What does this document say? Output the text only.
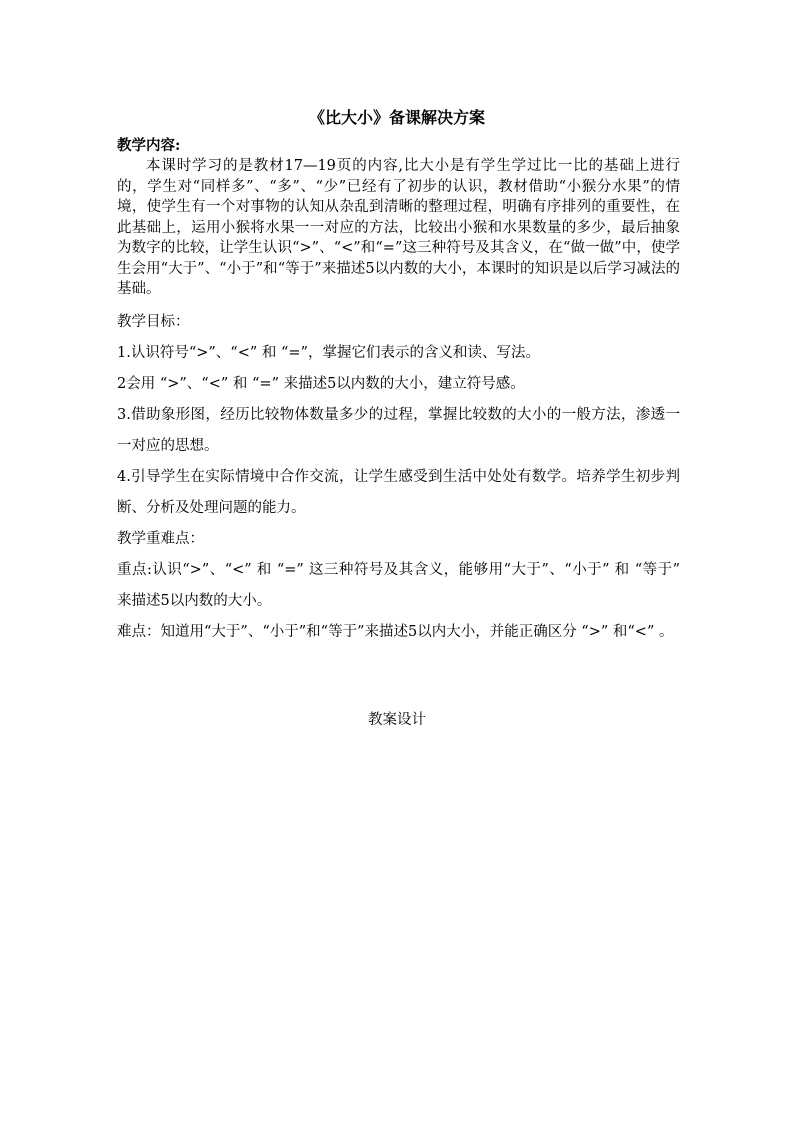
《比大小》备课解决方案
教学内容:
本课时学习的是教材17—19页的内容,比大小是有学生学过比一比的基础上进行的，学生对“同样多”、“多”、“少”已经有了初步的认识，教材借助“小猴分水果”的情境，使学生有一个对事物的认知从杂乱到清晰的整理过程，明确有序排列的重要性，在此基础上，运用小猴将水果一一对应的方法，比较出小猴和水果数量的多少，最后抽象为数字的比较，让学生认识“>”、“<”和“=”这三种符号及其含义，在“做一做”中，使学生会用“大于”、“小于”和“等于”来描述5以内数的大小，本课时的知识是以后学习减法的基础。
教学目标：
1.认识符号“>”、“<” 和 “=”，掌握它们表示的含义和读、写法。
2会用 “>”、“<” 和 “=” 来描述5以内数的大小，建立符号感。
3.借助象形图，经历比较物体数量多少的过程，掌握比较数的大小的一般方法，渗透一一对应的思想。
4.引导学生在实际情境中合作交流，让学生感受到生活中处处有数学。培养学生初步判断、分析及处理问题的能力。
教学重难点：
重点:认识“>”、“<” 和 “=” 这三种符号及其含义，能够用“大于”、“小于” 和 “等于” 来描述5以内数的大小。
难点：知道用“大于”、“小于”和“等于”来描述5以内大小，并能正确区分 “>” 和“<” 。
教案设计
